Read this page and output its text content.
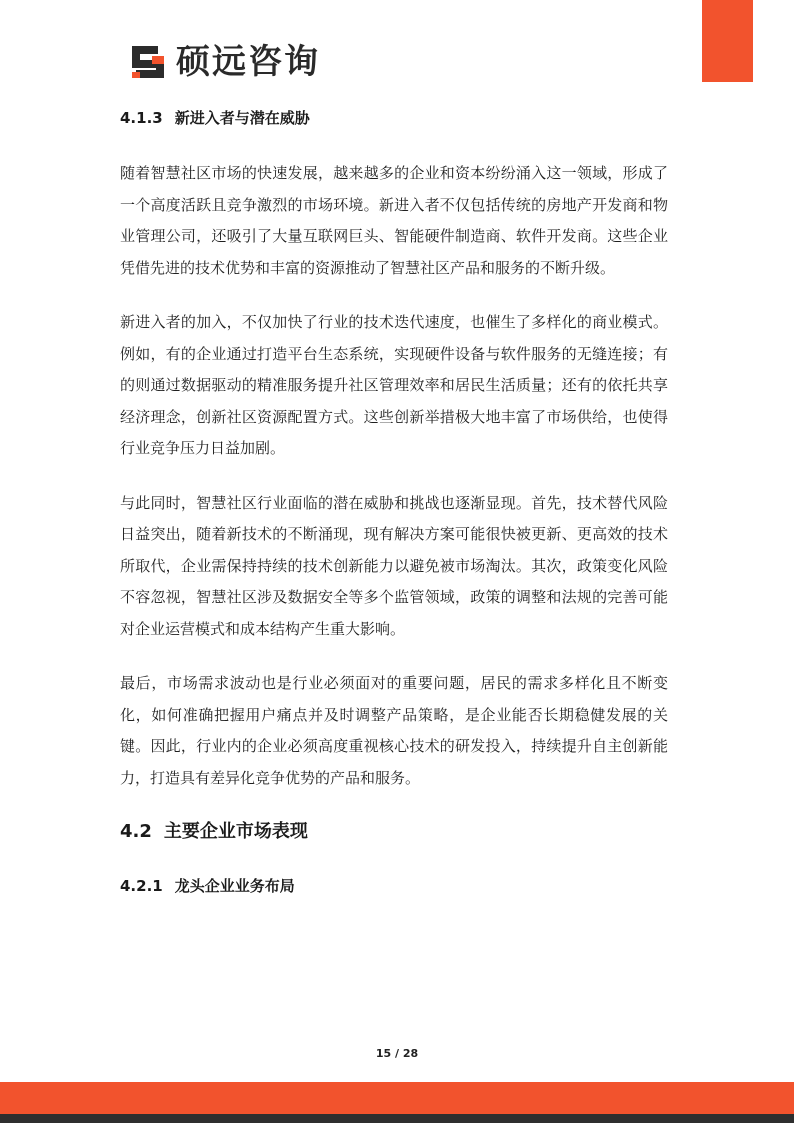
硕远咨询
4.1.3 新进入者与潜在威胁

随着智慧社区市场的快速发展，越来越多的企业和资本纷纷涌入这一领域，形成了一个高度活跃且竞争激烈的市场环境。新进入者不仅包括传统的房地产开发商和物业管理公司，还吸引了大量互联网巨头、智能硬件制造商、软件开发商。这些企业凭借先进的技术优势和丰富的资源推动了智慧社区产品和服务的不断升级。

新进入者的加入，不仅加快了行业的技术迭代速度，也催生了多样化的商业模式。例如，有的企业通过打造平台生态系统，实现硬件设备与软件服务的无缝连接；有的则通过数据驱动的精准服务提升社区管理效率和居民生活质量；还有的依托共享经济理念，创新社区资源配置方式。这些创新举措极大地丰富了市场供给，也使得行业竞争压力日益加剧。

与此同时，智慧社区行业面临的潜在威胁和挑战也逐渐显现。首先，技术替代风险日益突出，随着新技术的不断涌现，现有解决方案可能很快被更新、更高效的技术所取代，企业需保持持续的技术创新能力以避免被市场淘汰。其次，政策变化风险不容忽视，智慧社区涉及数据安全等多个监管领域，政策的调整和法规的完善可能对企业运营模式和成本结构产生重大影响。

最后，市场需求波动也是行业必须面对的重要问题，居民的需求多样化且不断变化，如何准确把握用户痛点并及时调整产品策略，是企业能否长期稳健发展的关键。因此，行业内的企业必须高度重视核心技术的研发投入，持续提升自主创新能力，打造具有差异化竞争优势的产品和服务。

4.2 主要企业市场表现
4.2.1 龙头企业业务布局
15 / 28
